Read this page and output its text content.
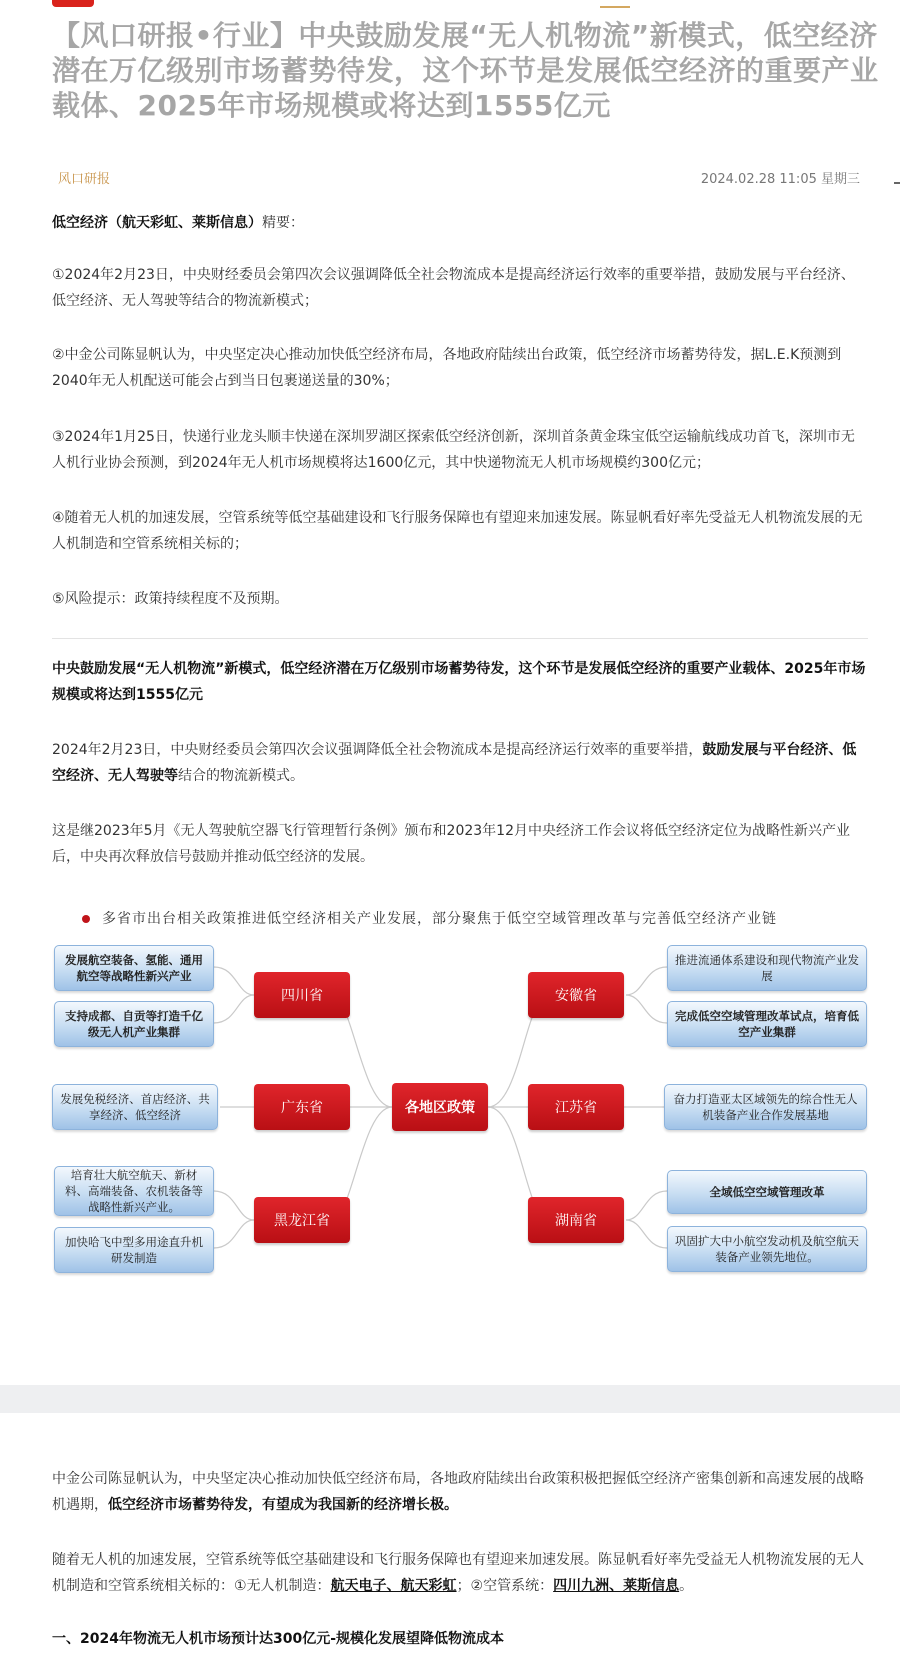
【风口研报•行业】中央鼓励发展“无人机物流”新模式，低空经济潜在万亿级别市场蓄势待发，这个环节是发展低空经济的重要产业载体、2025年市场规模或将达到1555亿元
风口研报	2024.02.28 11:05 星期三

低空经济（航天彩虹、莱斯信息）精要：

①2024年2月23日，中央财经委员会第四次会议强调降低全社会物流成本是提高经济运行效率的重要举措，鼓励发展与平台经济、低空经济、无人驾驶等结合的物流新模式；

②中金公司陈显帆认为，中央坚定决心推动加快低空经济布局，各地政府陆续出台政策，低空经济市场蓄势待发，据L.E.K预测到2040年无人机配送可能会占到当日包裹递送量的30%；

③2024年1月25日，快递行业龙头顺丰快递在深圳罗湖区探索低空经济创新，深圳首条黄金珠宝低空运输航线成功首飞，深圳市无人机行业协会预测，到2024年无人机市场规模将达1600亿元，其中快递物流无人机市场规模约300亿元；

④随着无人机的加速发展，空管系统等低空基础建设和飞行服务保障也有望迎来加速发展。陈显帆看好率先受益无人机物流发展的无人机制造和空管系统相关标的；

⑤风险提示：政策持续程度不及预期。

中央鼓励发展“无人机物流”新模式，低空经济潜在万亿级别市场蓄势待发，这个环节是发展低空经济的重要产业载体、2025年市场规模或将达到1555亿元

2024年2月23日，中央财经委员会第四次会议强调降低全社会物流成本是提高经济运行效率的重要举措，鼓励发展与平台经济、低空经济、无人驾驶等结合的物流新模式。

这是继2023年5月《无人驾驶航空器飞行管理暂行条例》颁布和2023年12月中央经济工作会议将低空经济定位为战略性新兴产业后，中央再次释放信号鼓励并推动低空经济的发展。

多省市出台相关政策推进低空经济相关产业发展，部分聚焦于低空空域管理改革与完善低空经济产业链
各地区政策
四川省
广东省
黑龙江省
安徽省
江苏省
湖南省
发展航空装备、氢能、通用航空等战略性新兴产业
支持成都、自贡等打造千亿级无人机产业集群
发展免税经济、首店经济、共享经济、低空经济
培育壮大航空航天、新材料、高端装备、农机装备等战略性新兴产业。
加快哈飞中型多用途直升机研发制造
推进流通体系建设和现代物流产业发展
完成低空空域管理改革试点，培育低空产业集群
奋力打造亚太区域领先的综合性无人机装备产业合作发展基地
全域低空空域管理改革
巩固扩大中小航空发动机及航空航天装备产业领先地位。

中金公司陈显帆认为，中央坚定决心推动加快低空经济布局，各地政府陆续出台政策积极把握低空经济产密集创新和高速发展的战略机遇期，低空经济市场蓄势待发，有望成为我国新的经济增长极。

随着无人机的加速发展，空管系统等低空基础建设和飞行服务保障也有望迎来加速发展。陈显帆看好率先受益无人机物流发展的无人机制造和空管系统相关标的：①无人机制造：航天电子、航天彩虹；②空管系统：四川九洲、莱斯信息。

一、2024年物流无人机市场预计达300亿元-规模化发展望降低物流成本
